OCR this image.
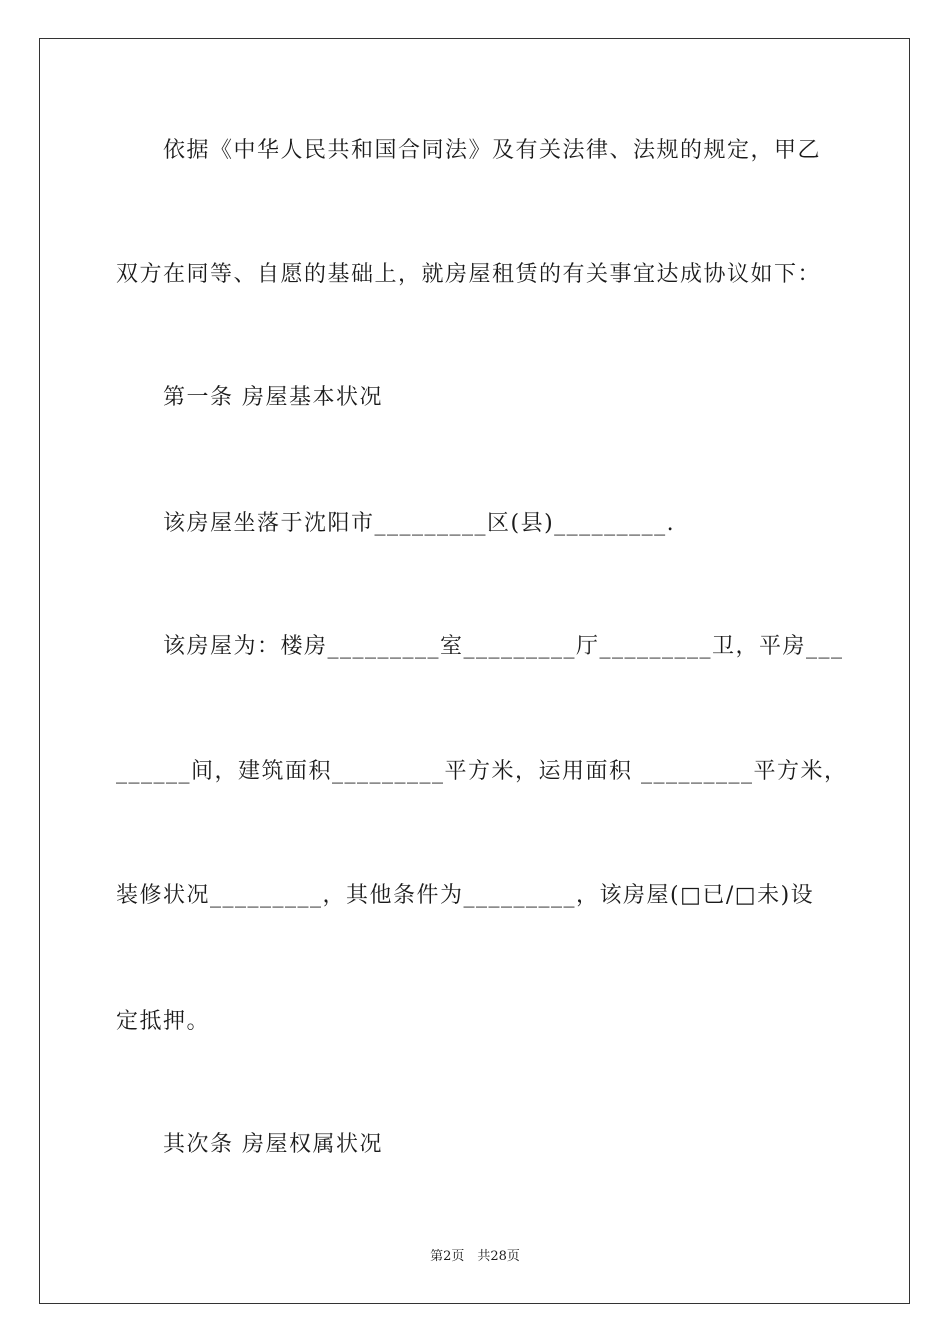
　　依据《中华人民共和国合同法》及有关法律、法规的规定，甲乙
双方在同等、自愿的基础上，就房屋租赁的有关事宜达成协议如下：
　　第一条 房屋基本状况
　　该房屋坐落于沈阳市_________区(县)_________.
　　该房屋为：楼房_________室_________厅_________卫，平房___
______间，建筑面积_________平方米，运用面积 _________平方米，
装修状况_________，其他条件为_________，该房屋(□已/□未)设
定抵押。
　　其次条 房屋权属状况
第2页　共28页
